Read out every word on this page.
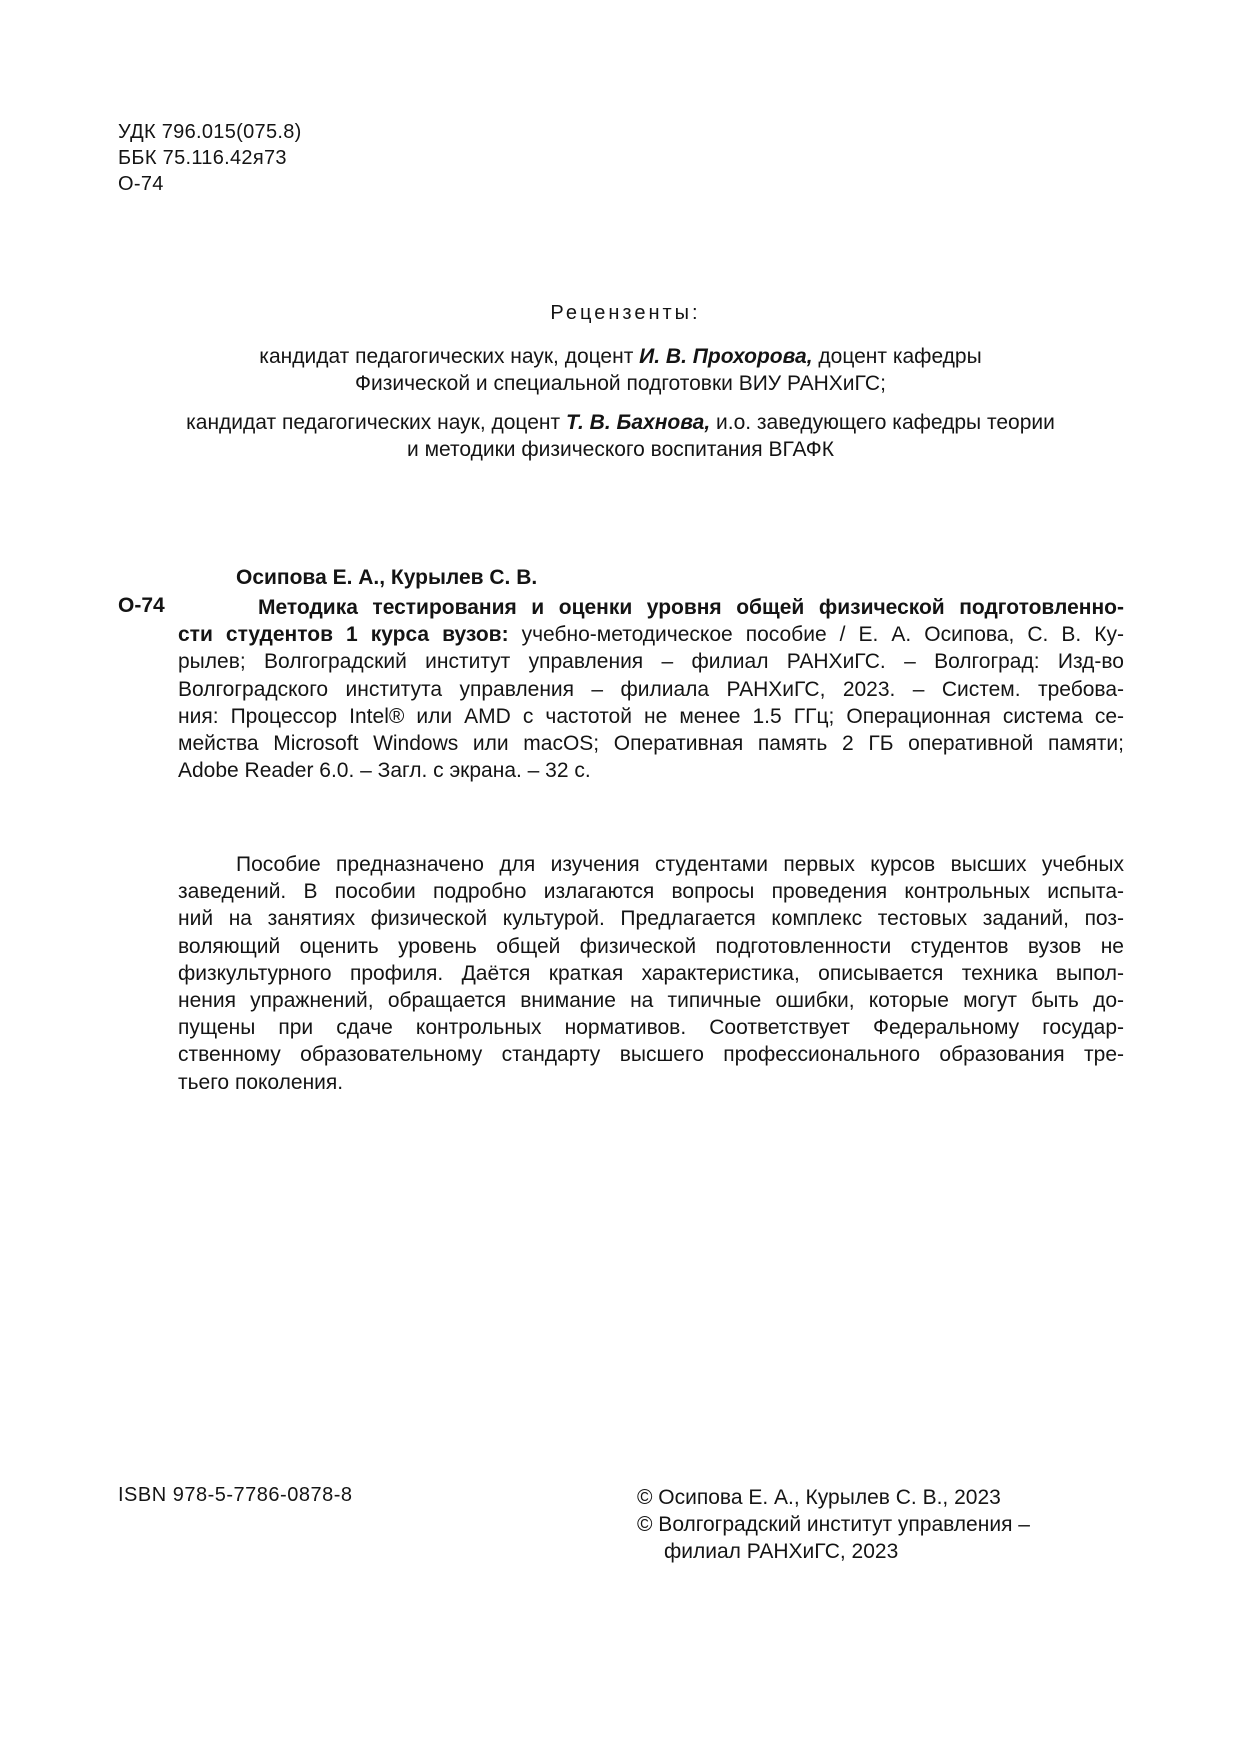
УДК 796.015(075.8)
ББК 75.116.42я73
О-74
Рецензенты:
кандидат педагогических наук, доцент И. В. Прохорова, доцент кафедры
Физической и специальной подготовки ВИУ РАНХиГС;
кандидат педагогических наук, доцент Т. В. Бахнова, и.о. заведующего кафедры теории
и методики физического воспитания ВГАФК
Осипова Е. А., Курылев С. В.
О-74	Методика тестирования и оценки уровня общей физической подготовленно-
сти студентов 1 курса вузов: учебно-методическое пособие / Е. А. Осипова, С. В. Ку-
рылев; Волгоградский институт управления – филиал РАНХиГС. – Волгоград: Изд-во
Волгоградского института управления – филиала РАНХиГС, 2023. – Систем. требова-
ния: Процессор Intel® или AMD с частотой не менее 1.5 ГГц; Операционная система се-
мейства Microsoft Windows или macOS; Оперативная память 2 ГБ оперативной памяти;
Adobe Reader 6.0. – Загл. с экрана. – 32 с.
Пособие предназначено для изучения студентами первых курсов высших учебных
заведений. В пособии подробно излагаются вопросы проведения контрольных испыта-
ний на занятиях физической культурой. Предлагается комплекс тестовых заданий, поз-
воляющий оценить уровень общей физической подготовленности студентов вузов не
физкультурного профиля. Даётся краткая характеристика, описывается техника выпол-
нения упражнений, обращается внимание на типичные ошибки, которые могут быть до-
пущены при сдаче контрольных нормативов. Соответствует Федеральному государ-
ственному образовательному стандарту высшего профессионального образования тре-
тьего поколения.
ISBN 978-5-7786-0878-8	© Осипова Е. А., Курылев С. В., 2023
© Волгоградский институт управления –
филиал РАНХиГС, 2023
